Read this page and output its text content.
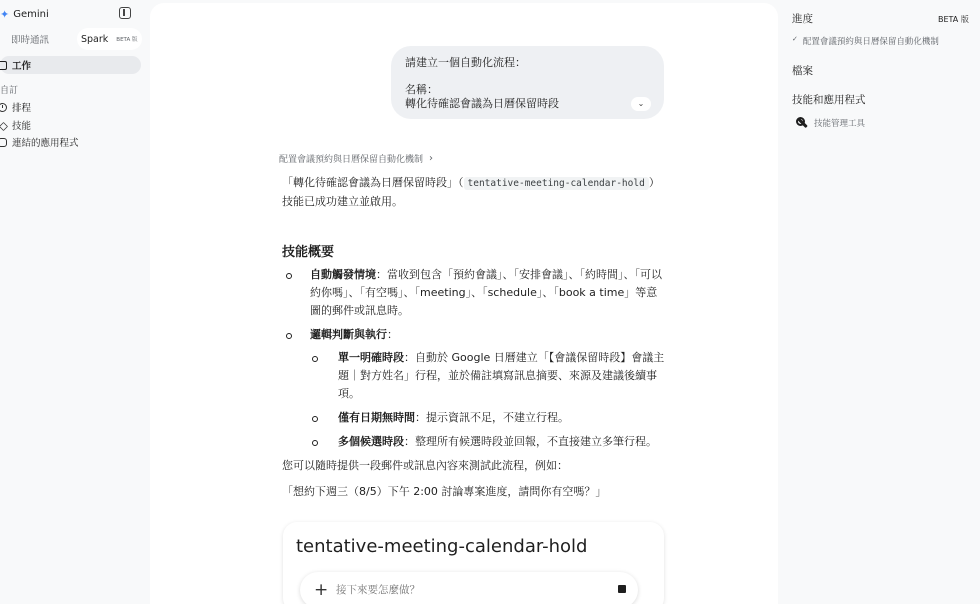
✦ Gemini
即時通訊	Spark BETA 版
工作
自訂
排程
技能
連結的應用程式
請建立一個自動化流程：
名稱：
轉化待確認會議為日曆保留時段	⌄
配置會議預約與日曆保留自動化機制 ›
「轉化待確認會議為日曆保留時段」（ tentative-meeting-calendar-hold ）技能已成功建立並啟用。
技能概要
自動觸發情境：當收到包含「預約會議」、「安排會議」、「約時間」、「可以約你嗎」、「有空嗎」、「meeting」、「schedule」、「book a time」等意圖的郵件或訊息時。
邏輯判斷與執行：
單一明確時段：自動於 Google 日曆建立「【會議保留時段】會議主題｜對方姓名」行程，並於備註填寫訊息摘要、來源及建議後續事項。
僅有日期無時間：提示資訊不足，不建立行程。
多個候選時段：整理所有候選時段並回報，不直接建立多筆行程。
您可以隨時提供一段郵件或訊息內容來測試此流程，例如：
「想約下週三（8/5）下午 2:00 討論專案進度，請問你有空嗎？」
tentative-meeting-calendar-hold
+
接下來要怎麼做？
進度	BETA 版
✓ 配置會議預約與日曆保留自動化機制
檔案
技能和應用程式
技能管理工具
